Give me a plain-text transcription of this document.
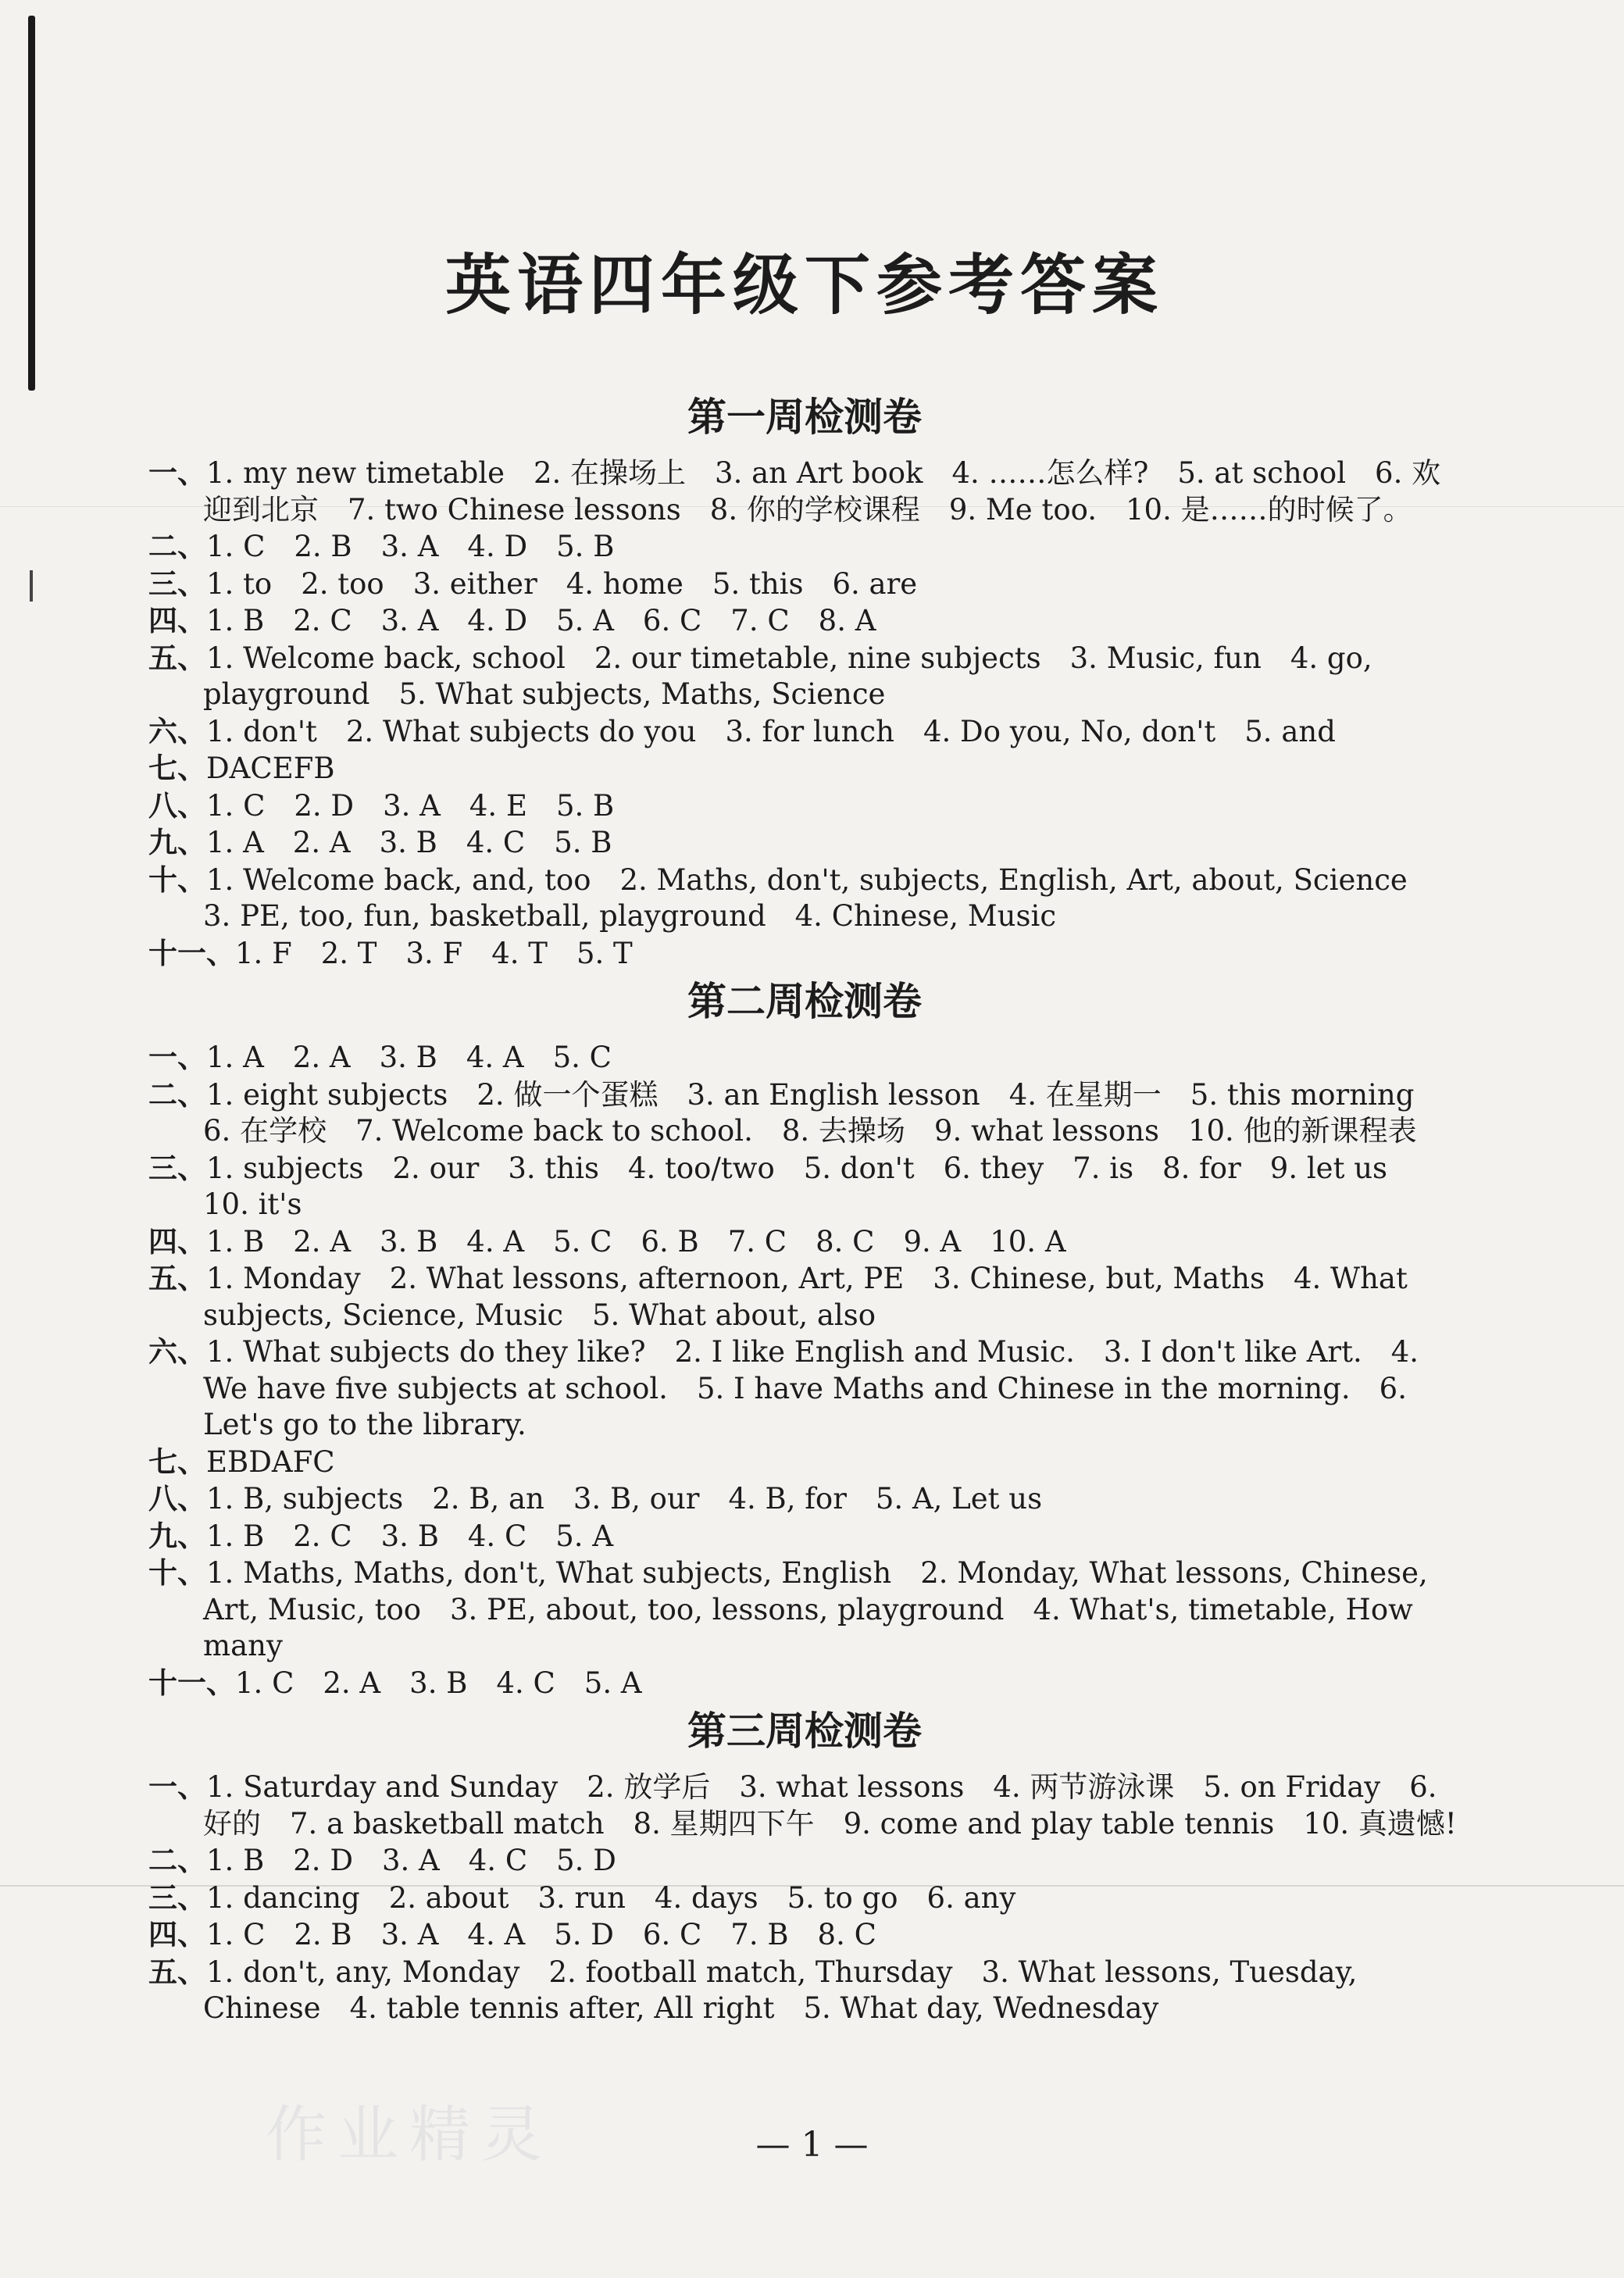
英语四年级下参考答案
第一周检测卷
一、1. my new timetable　2. 在操场上　3. an Art book　4. ……怎么样?　5. at school　6. 欢迎到北京　7. two Chinese lessons　8. 你的学校课程　9. Me too.　10. 是……的时候了。
二、1. C　2. B　3. A　4. D　5. B
三、1. to　2. too　3. either　4. home　5. this　6. are
四、1. B　2. C　3. A　4. D　5. A　6. C　7. C　8. A
五、1. Welcome back, school　2. our timetable, nine subjects　3. Music, fun　4. go, playground　5. What subjects, Maths, Science
六、1. don't　2. What subjects do you　3. for lunch　4. Do you, No, don't　5. and
七、DACEFB
八、1. C　2. D　3. A　4. E　5. B
九、1. A　2. A　3. B　4. C　5. B
十、1. Welcome back, and, too　2. Maths, don't, subjects, English, Art, about, Science　3. PE, too, fun, basketball, playground　4. Chinese, Music
十一、1. F　2. T　3. F　4. T　5. T
第二周检测卷
一、1. A　2. A　3. B　4. A　5. C
二、1. eight subjects　2. 做一个蛋糕　3. an English lesson　4. 在星期一　5. this morning　6. 在学校　7. Welcome back to school.　8. 去操场　9. what lessons　10. 他的新课程表
三、1. subjects　2. our　3. this　4. too/two　5. don't　6. they　7. is　8. for　9. let us　10. it's
四、1. B　2. A　3. B　4. A　5. C　6. B　7. C　8. C　9. A　10. A
五、1. Monday　2. What lessons, afternoon, Art, PE　3. Chinese, but, Maths　4. What subjects, Science, Music　5. What about, also
六、1. What subjects do they like?　2. I like English and Music.　3. I don't like Art.　4. We have five subjects at school.　5. I have Maths and Chinese in the morning.　6. Let's go to the library.
七、EBDAFC
八、1. B, subjects　2. B, an　3. B, our　4. B, for　5. A, Let us
九、1. B　2. C　3. B　4. C　5. A
十、1. Maths, Maths, don't, What subjects, English　2. Monday, What lessons, Chinese, Art, Music, too　3. PE, about, too, lessons, playground　4. What's, timetable, How many
十一、1. C　2. A　3. B　4. C　5. A
第三周检测卷
一、1. Saturday and Sunday　2. 放学后　3. what lessons　4. 两节游泳课　5. on Friday　6. 好的　7. a basketball match　8. 星期四下午　9. come and play table tennis　10. 真遗憾!
二、1. B　2. D　3. A　4. C　5. D
三、1. dancing　2. about　3. run　4. days　5. to go　6. any
四、1. C　2. B　3. A　4. A　5. D　6. C　7. B　8. C
五、1. don't, any, Monday　2. football match, Thursday　3. What lessons, Tuesday, Chinese　4. table tennis after, All right　5. What day, Wednesday
作业精灵	— 1 —
